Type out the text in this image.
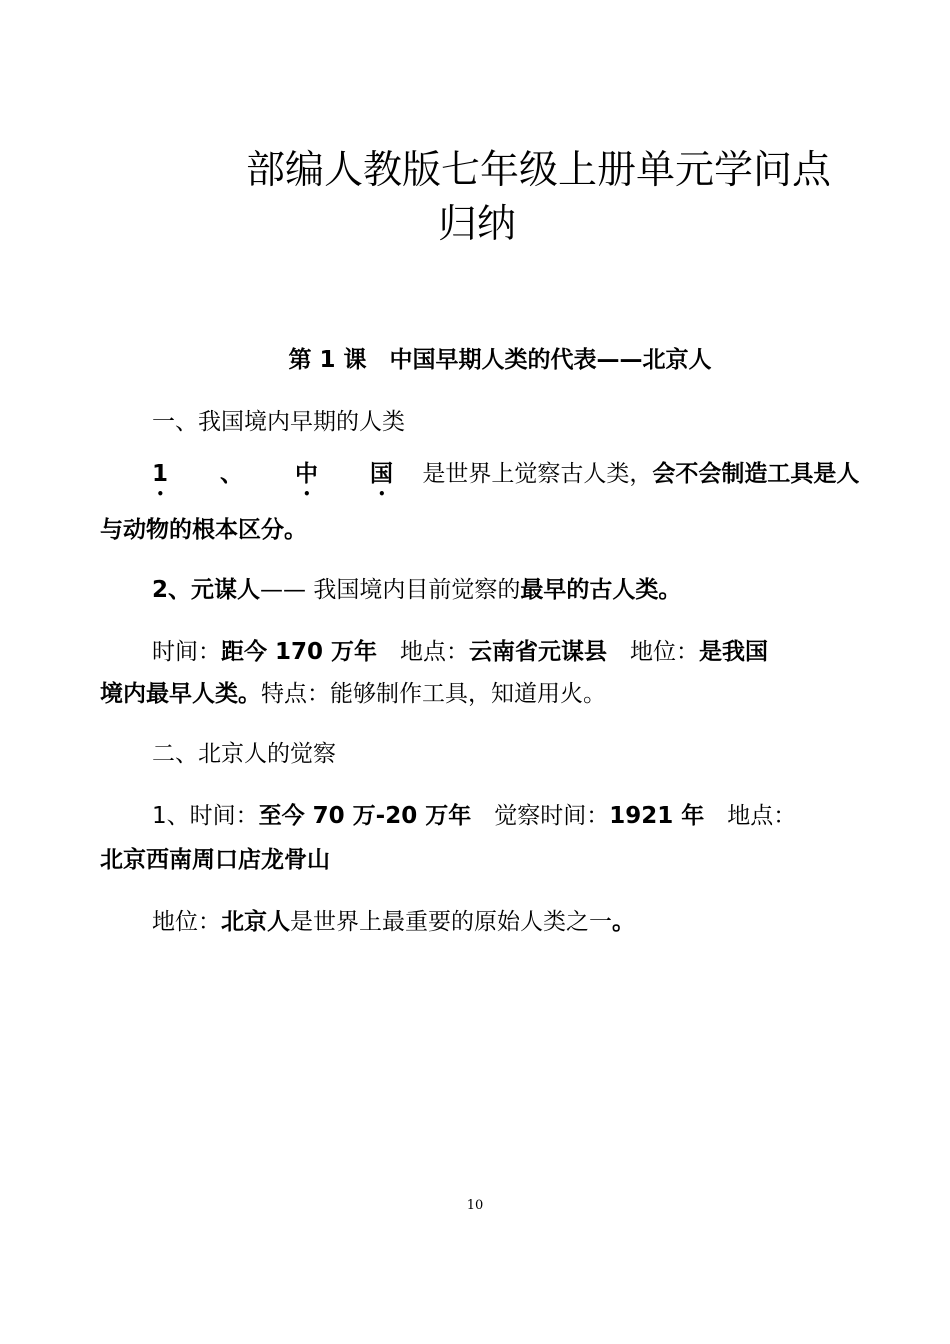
部编人教版七年级上册单元学问点
归纳
第 1 课　中国早期人类的代表——北京人

一、我国境内早期的人类

1 、 中 国 是世界上觉察古人类，会不会制造工具是人

与动物的根本区分。

2、元谋人—— 我国境内目前觉察的最早的古人类。

时间：距今 170 万年　地点：云南省元谋县　地位：是我国

境内最早人类。特点：能够制作工具，知道用火。

二、北京人的觉察

1、时间：至今 70 万-20 万年　觉察时间：1921 年　地点：

北京西南周口店龙骨山

地位：北京人是世界上最重要的原始人类之一。

10
